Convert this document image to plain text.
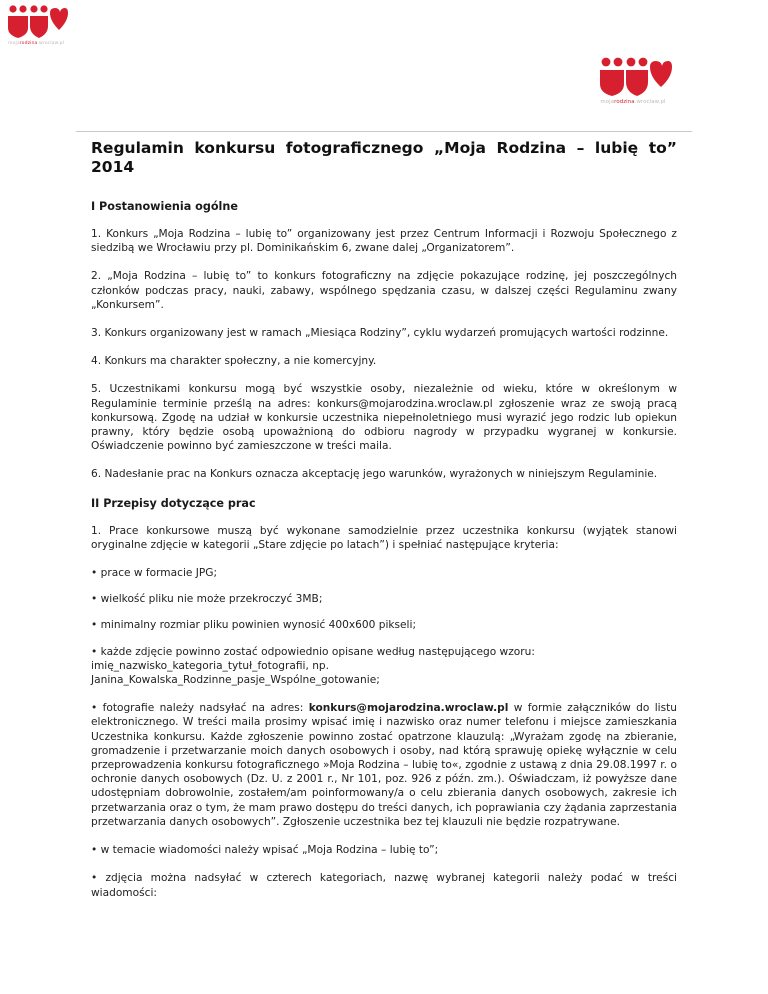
mojarodzina.wroclaw.pl
mojarodzina.wroclaw.pl
Regulamin konkursu fotograficznego „Moja Rodzina – lubię to” 2014
I Postanowienia ogólne

1. Konkurs „Moja Rodzina – lubię to” organizowany jest przez Centrum Informacji i Rozwoju Społecznego z siedzibą we Wrocławiu przy pl. Dominikańskim 6, zwane dalej „Organizatorem”.

2. „Moja Rodzina – lubię to” to konkurs fotograficzny na zdjęcie pokazujące rodzinę, jej poszczególnych członków podczas pracy, nauki, zabawy, wspólnego spędzania czasu, w dalszej części Regulaminu zwany „Konkursem”.

3. Konkurs organizowany jest w ramach „Miesiąca Rodziny”, cyklu wydarzeń promujących wartości rodzinne.

4. Konkurs ma charakter społeczny, a nie komercyjny.

5. Uczestnikami konkursu mogą być wszystkie osoby, niezależnie od wieku, które w określonym w Regulaminie terminie prześlą na adres: konkurs@mojarodzina.wroclaw.pl zgłoszenie wraz ze swoją pracą konkursową. Zgodę na udział w konkursie uczestnika niepełnoletniego musi wyrazić jego rodzic lub opiekun prawny, który będzie osobą upoważnioną do odbioru nagrody w przypadku wygranej w konkursie. Oświadczenie powinno być zamieszczone w treści maila.

6. Nadesłanie prac na Konkurs oznacza akceptację jego warunków, wyrażonych w niniejszym Regulaminie.

II Przepisy dotyczące prac

1. Prace konkursowe muszą być wykonane samodzielnie przez uczestnika konkursu (wyjątek stanowi oryginalne zdjęcie w kategorii „Stare zdjęcie po latach”) i spełniać następujące kryteria:

• prace w formacie JPG;

• wielkość pliku nie może przekroczyć 3MB;

• minimalny rozmiar pliku powinien wynosić 400x600 pikseli;

• każde zdjęcie powinno zostać odpowiednio opisane według następującego wzoru:
imię_nazwisko_kategoria_tytuł_fotografii, np.
Janina_Kowalska_Rodzinne_pasje_Wspólne_gotowanie;

• fotografie należy nadsyłać na adres: konkurs@mojarodzina.wroclaw.pl w formie załączników do listu elektronicznego. W treści maila prosimy wpisać imię i nazwisko oraz numer telefonu i miejsce zamieszkania Uczestnika konkursu. Każde zgłoszenie powinno zostać opatrzone klauzulą: „Wyrażam zgodę na zbieranie, gromadzenie i przetwarzanie moich danych osobowych i osoby, nad którą sprawuję opiekę wyłącznie w celu przeprowadzenia konkursu fotograficznego »Moja Rodzina – lubię to«, zgodnie z ustawą z dnia 29.08.1997 r. o ochronie danych osobowych (Dz. U. z 2001 r., Nr 101, poz. 926 z późn. zm.). Oświadczam, iż powyższe dane udostępniam dobrowolnie, zostałem/am poinformowany/a o celu zbierania danych osobowych, zakresie ich przetwarzania oraz o tym, że mam prawo dostępu do treści danych, ich poprawiania czy żądania zaprzestania przetwarzania danych osobowych”. Zgłoszenie uczestnika bez tej klauzuli nie będzie rozpatrywane.

• w temacie wiadomości należy wpisać „Moja Rodzina – lubię to”;

• zdjęcia można nadsyłać w czterech kategoriach, nazwę wybranej kategorii należy podać w treści wiadomości:
